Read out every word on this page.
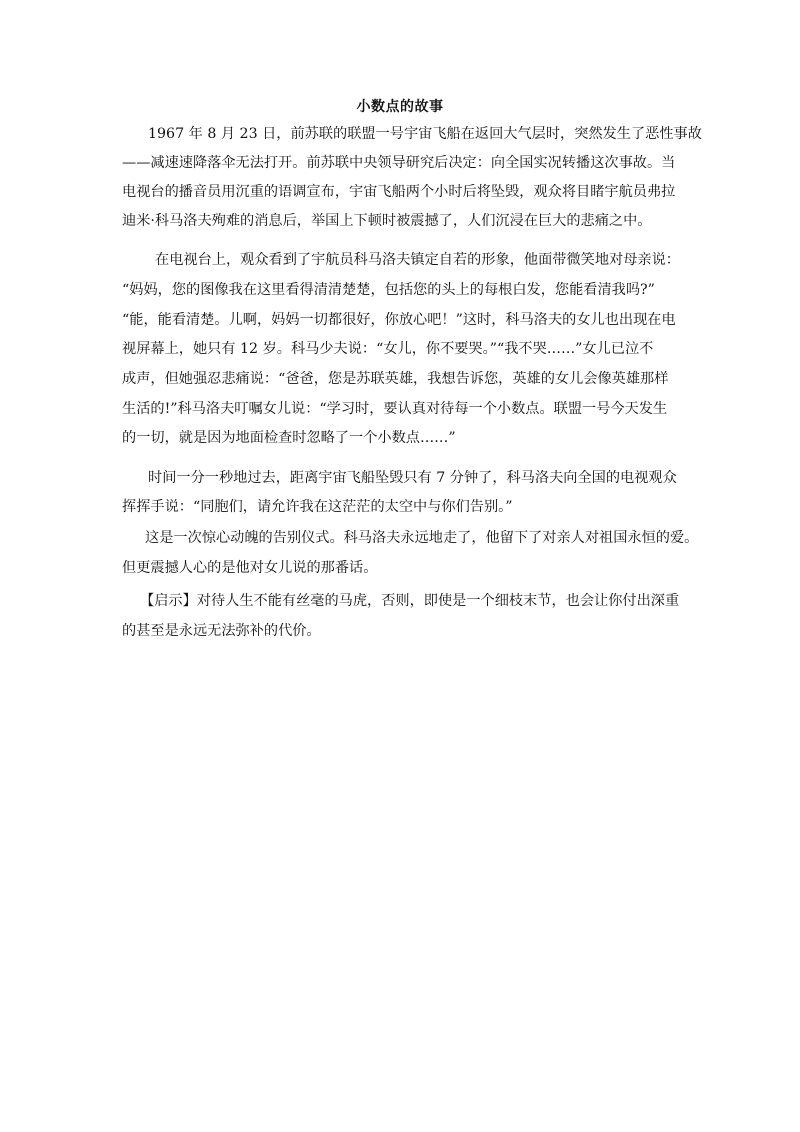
小数点的故事
1967 年 8 月 23 日，前苏联的联盟一号宇宙飞船在返回大气层时，突然发生了恶性事故
——减速速降落伞无法打开。前苏联中央领导研究后决定：向全国实况转播这次事故。当
电视台的播音员用沉重的语调宣布，宇宙飞船两个小时后将坠毁，观众将目睹宇航员弗拉
迪米·科马洛夫殉难的消息后，举国上下顿时被震撼了，人们沉浸在巨大的悲痛之中。
在电视台上，观众看到了宇航员科马洛夫镇定自若的形象，他面带微笑地对母亲说：
“妈妈，您的图像我在这里看得清清楚楚，包括您的头上的每根白发，您能看清我吗?”
“能，能看清楚。儿啊，妈妈一切都很好，你放心吧！”这时，科马洛夫的女儿也出现在电
视屏幕上，她只有 12 岁。科马少夫说：“女儿，你不要哭。”“我不哭……”女儿已泣不
成声，但她强忍悲痛说：“爸爸，您是苏联英雄，我想告诉您，英雄的女儿会像英雄那样
生活的!”科马洛夫叮嘱女儿说：“学习时，要认真对待每一个小数点。联盟一号今天发生
的一切，就是因为地面检查时忽略了一个小数点……”
时间一分一秒地过去，距离宇宙飞船坠毁只有 7 分钟了，科马洛夫向全国的电视观众
挥挥手说：“同胞们，请允许我在这茫茫的太空中与你们告别。”
这是一次惊心动魄的告别仪式。科马洛夫永远地走了，他留下了对亲人对祖国永恒的爱。
但更震撼人心的是他对女儿说的那番话。
【启示】对待人生不能有丝毫的马虎，否则，即使是一个细枝末节，也会让你付出深重
的甚至是永远无法弥补的代价。
